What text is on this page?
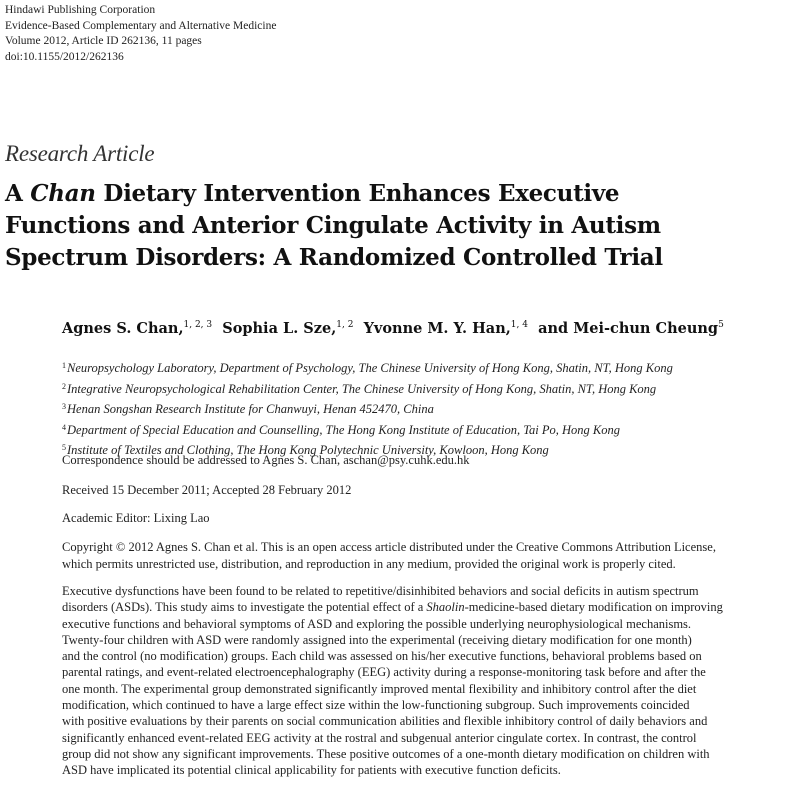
Hindawi Publishing Corporation
Evidence-Based Complementary and Alternative Medicine
Volume 2012, Article ID 262136, 11 pages
doi:10.1155/2012/262136
Research Article
A Chan Dietary Intervention Enhances Executive
Functions and Anterior Cingulate Activity in Autism
Spectrum Disorders: A Randomized Controlled Trial
Agnes S. Chan,$^{1, 2, 3}$ Sophia L. Sze,$^{1, 2}$ Yvonne M. Y. Han,$^{1, 4}$ and Mei-chun Cheung$^5$
$^1$Neuropsychology Laboratory, Department of Psychology, The Chinese University of Hong Kong, Shatin, NT, Hong Kong
$^2$Integrative Neuropsychological Rehabilitation Center, The Chinese University of Hong Kong, Shatin, NT, Hong Kong
$^3$Henan Songshan Research Institute for Chanwuyi, Henan 452470, China
$^4$Department of Special Education and Counselling, The Hong Kong Institute of Education, Tai Po, Hong Kong
$^5$Institute of Textiles and Clothing, The Hong Kong Polytechnic University, Kowloon, Hong Kong
Correspondence should be addressed to Agnes S. Chan, aschan@psy.cuhk.edu.hk
Received 15 December 2011; Accepted 28 February 2012
Academic Editor: Lixing Lao
Copyright © 2012 Agnes S. Chan et al. This is an open access article distributed under the Creative Commons Attribution License,
which permits unrestricted use, distribution, and reproduction in any medium, provided the original work is properly cited.
Executive dysfunctions have been found to be related to repetitive/disinhibited behaviors and social deficits in autism spectrum
disorders (ASDs). This study aims to investigate the potential effect of a Shaolin-medicine-based dietary modification on improving
executive functions and behavioral symptoms of ASD and exploring the possible underlying neurophysiological mechanisms.
Twenty-four children with ASD were randomly assigned into the experimental (receiving dietary modification for one month)
and the control (no modification) groups. Each child was assessed on his/her executive functions, behavioral problems based on
parental ratings, and event-related electroencephalography (EEG) activity during a response-monitoring task before and after the
one month. The experimental group demonstrated significantly improved mental flexibility and inhibitory control after the diet
modification, which continued to have a large effect size within the low-functioning subgroup. Such improvements coincided
with positive evaluations by their parents on social communication abilities and flexible inhibitory control of daily behaviors and
significantly enhanced event-related EEG activity at the rostral and subgenual anterior cingulate cortex. In contrast, the control
group did not show any significant improvements. These positive outcomes of a one-month dietary modification on children with
ASD have implicated its potential clinical applicability for patients with executive function deficits.
